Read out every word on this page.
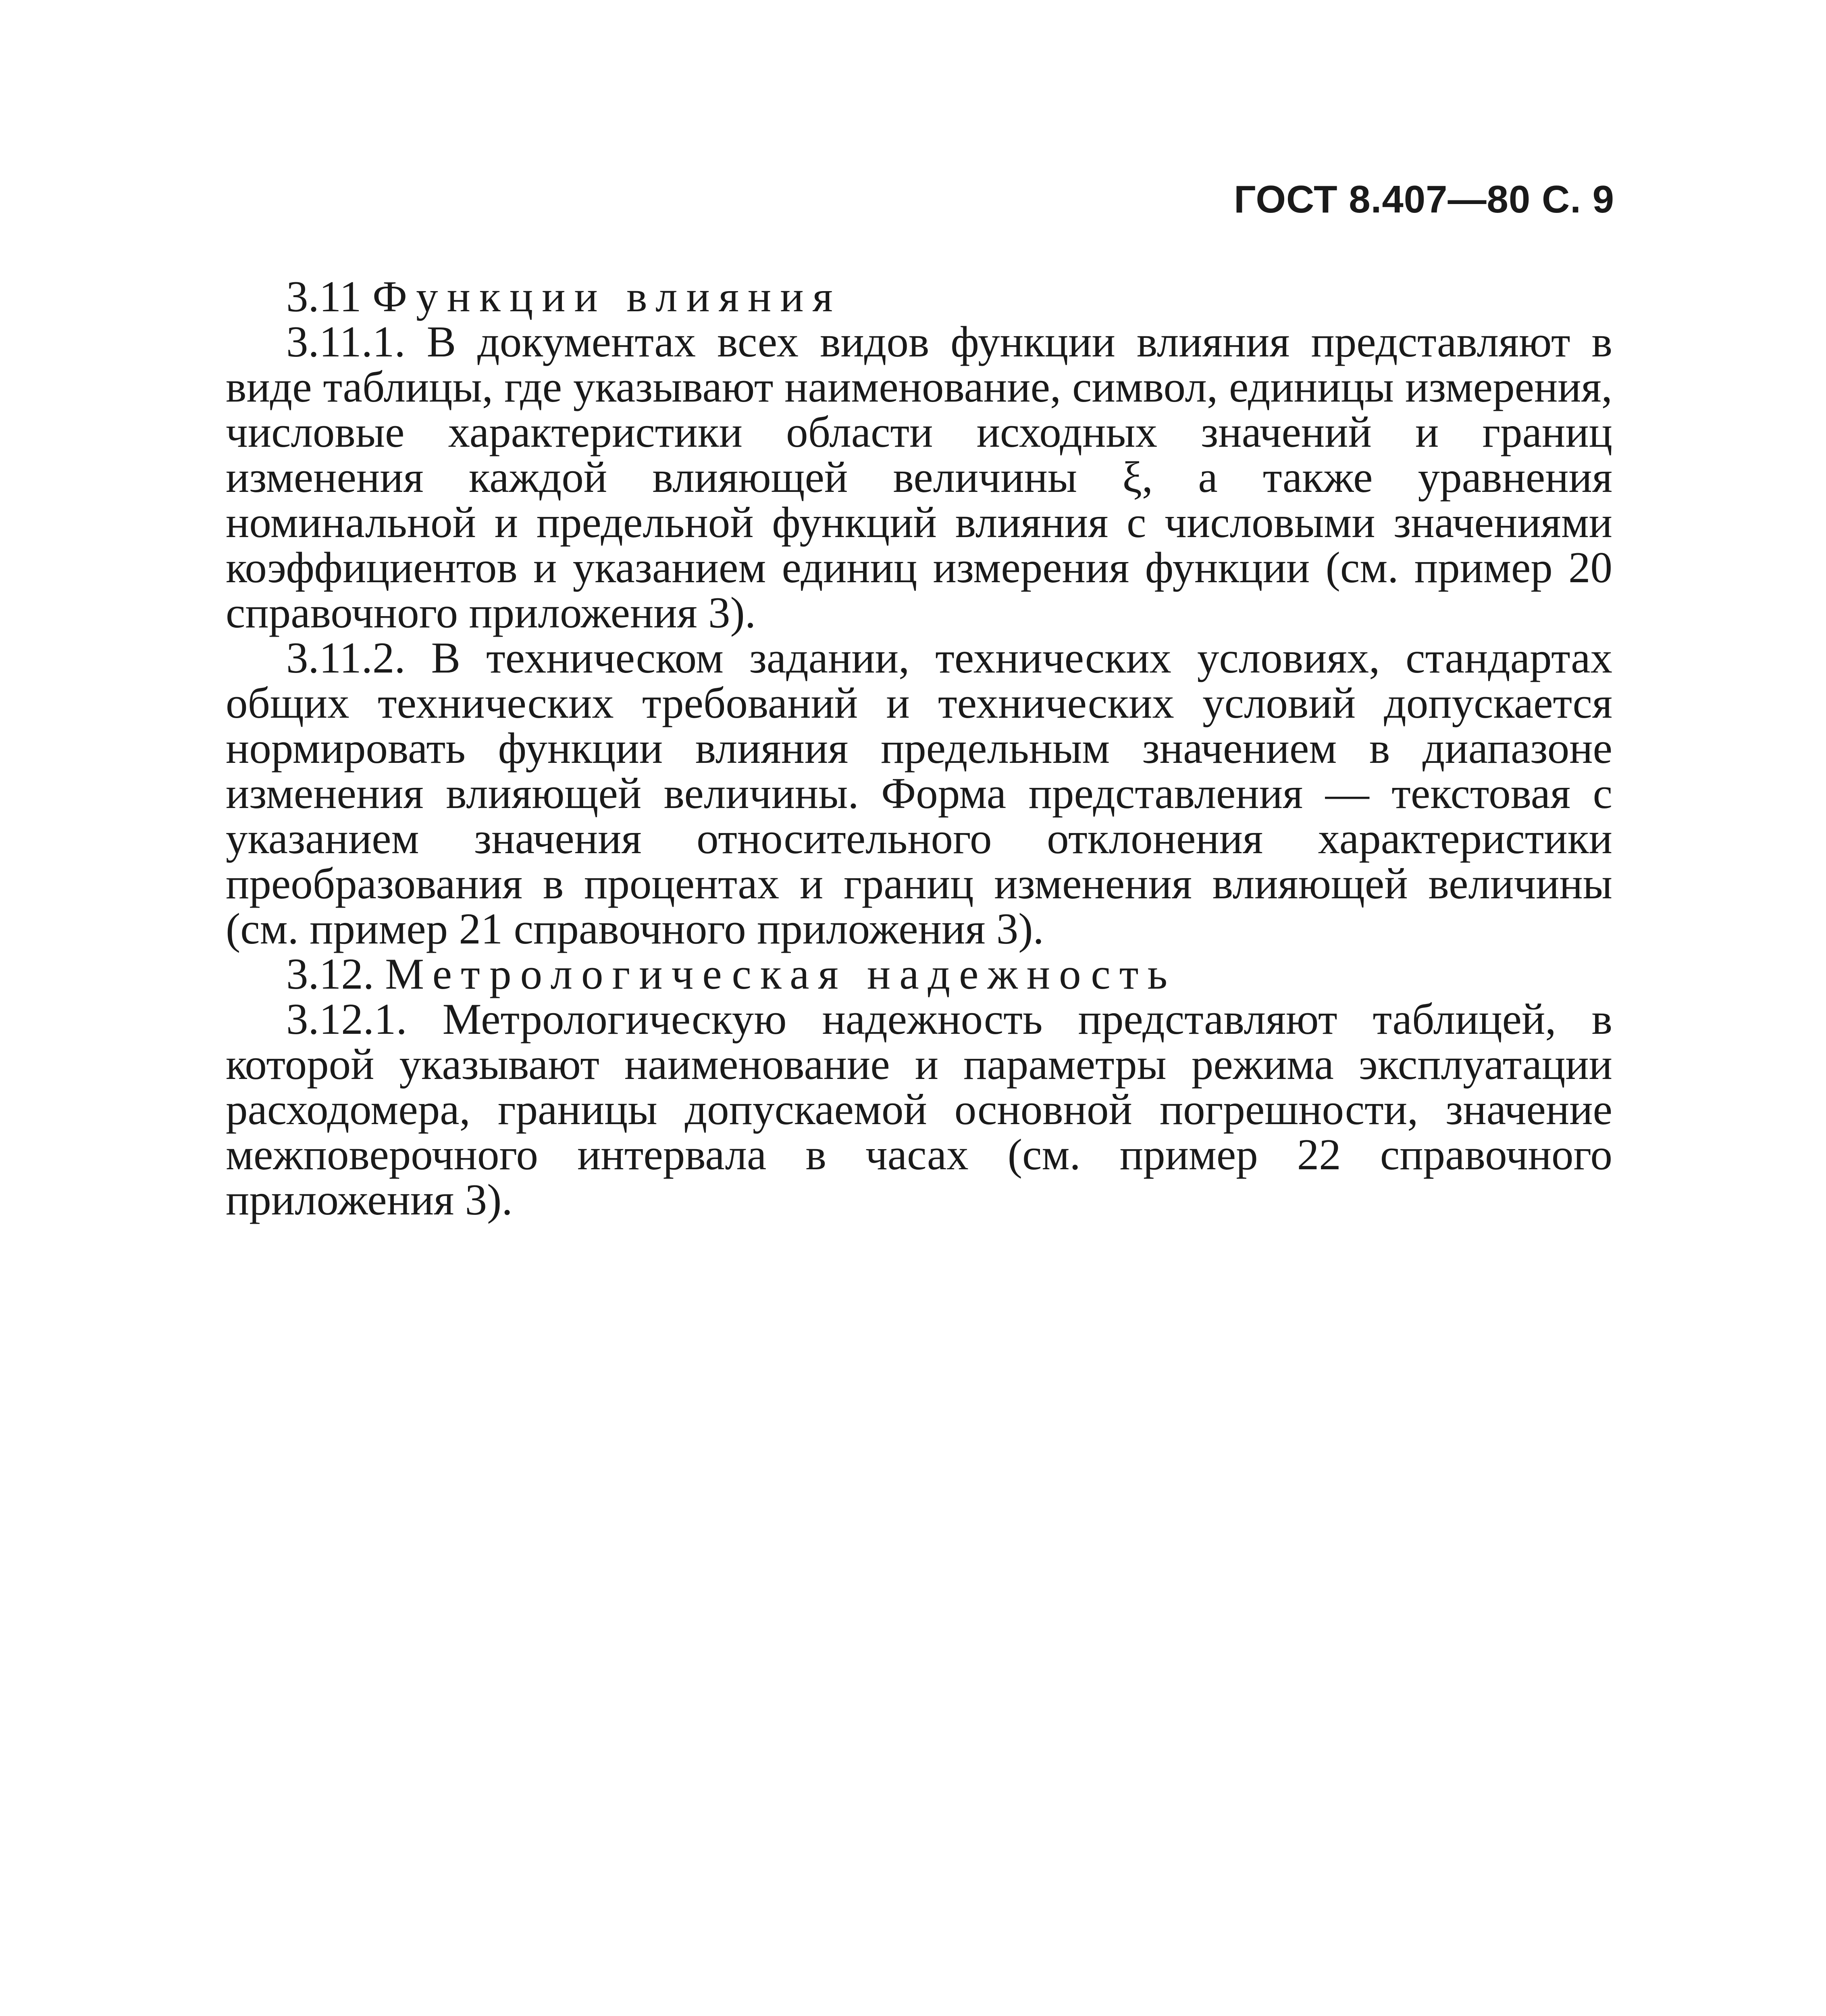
ГОСТ 8.407—80 С. 9
3.11 Функции влияния

3.11.1. В документах всех видов функции влияния представляют в виде таблицы, где указывают наименование, символ, единицы измерения, числовые характеристики области исходных значений и границ изменения каждой влияющей величины ξ, а также уравнения номинальной и предельной функций влияния с числовыми значениями коэффициентов и указанием единиц измерения функции (см. пример 20 справочного приложения 3).

3.11.2. В техническом задании, технических условиях, стандартах общих технических требований и технических условий допускается нормировать функции влияния предельным значением в диапазоне изменения влияющей величины. Форма представления — текстовая с указанием значения относительного отклонения характеристики преобразования в процентах и границ изменения влияющей величины (см. пример 21 справочного приложения 3).

3.12. Метрологическая надежность

3.12.1. Метрологическую надежность представляют таблицей, в которой указывают наименование и параметры режима эксплуатации расходомера, границы допускаемой основной погрешности, значение межповерочного интервала в часах (см. пример 22 справочного приложения 3).
